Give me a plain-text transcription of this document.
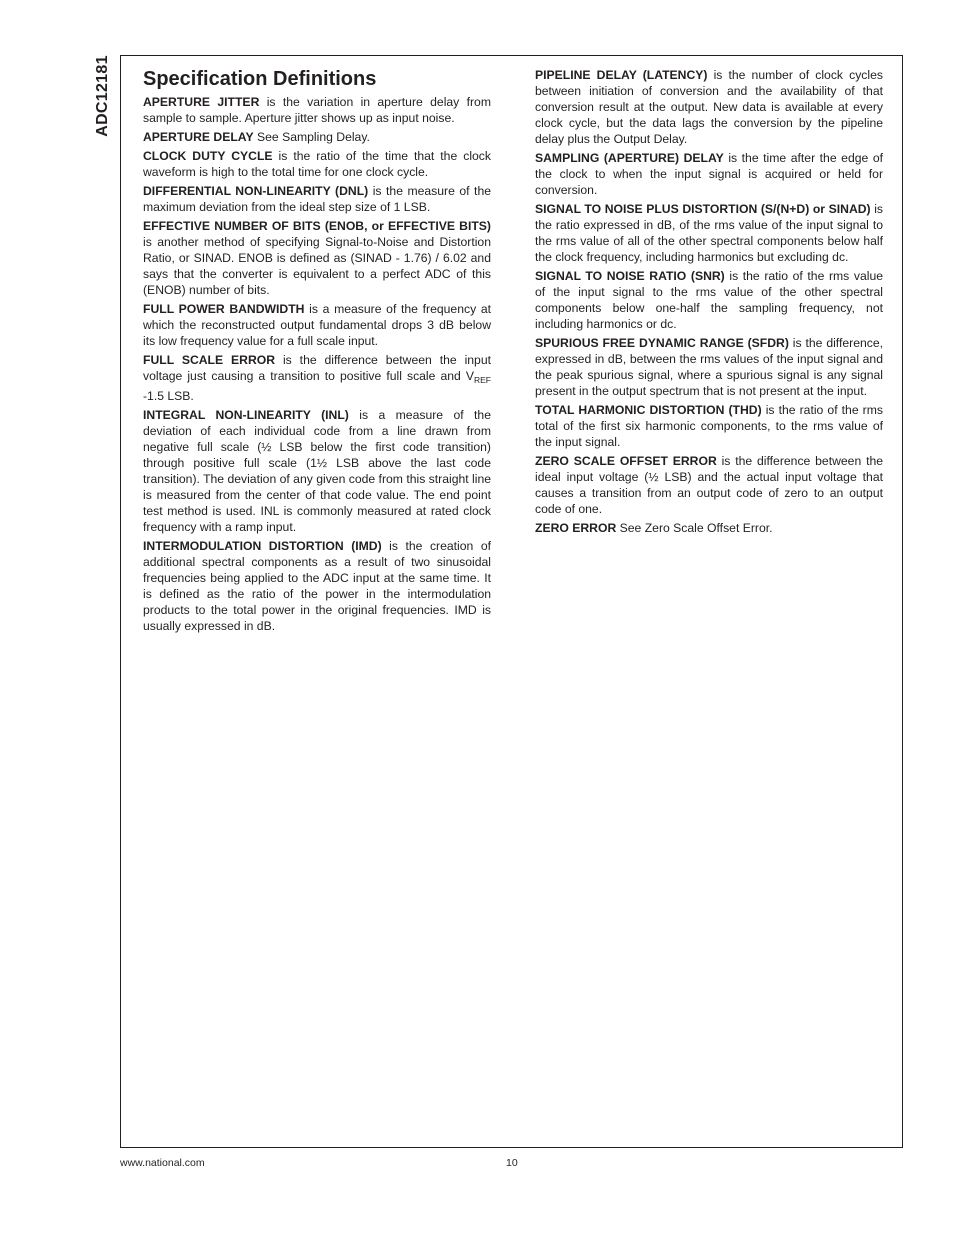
ADC12181 Specification Definitions

APERTURE JITTER is the variation in aperture delay from sample to sample. Aperture jitter shows up as input noise.

APERTURE DELAY See Sampling Delay.

CLOCK DUTY CYCLE is the ratio of the time that the clock waveform is high to the total time for one clock cycle.

DIFFERENTIAL NON-LINEARITY (DNL) is the measure of the maximum deviation from the ideal step size of 1 LSB.

EFFECTIVE NUMBER OF BITS (ENOB, or EFFECTIVE BITS) is another method of specifying Signal-to-Noise and Distortion Ratio, or SINAD. ENOB is defined as (SINAD - 1.76) / 6.02 and says that the converter is equivalent to a perfect ADC of this (ENOB) number of bits.

FULL POWER BANDWIDTH is a measure of the frequency at which the reconstructed output fundamental drops 3 dB below its low frequency value for a full scale input.

FULL SCALE ERROR is the difference between the input voltage just causing a transition to positive full scale and $V_{REF}$ -1.5 LSB.

INTEGRAL NON-LINEARITY (INL) is a measure of the deviation of each individual code from a line drawn from negative full scale (½ LSB below the first code transition) through positive full scale (1½ LSB above the last code transition). The deviation of any given code from this straight line is measured from the center of that code value. The end point test method is used. INL is commonly measured at rated clock frequency with a ramp input.

INTERMODULATION DISTORTION (IMD) is the creation of additional spectral components as a result of two sinusoidal frequencies being applied to the ADC input at the same time. It is defined as the ratio of the power in the intermodulation products to the total power in the original frequencies. IMD is usually expressed in dB.

PIPELINE DELAY (LATENCY) is the number of clock cycles between initiation of conversion and the availability of that conversion result at the output. New data is available at every clock cycle, but the data lags the conversion by the pipeline delay plus the Output Delay.

SAMPLING (APERTURE) DELAY is the time after the edge of the clock to when the input signal is acquired or held for conversion.

SIGNAL TO NOISE PLUS DISTORTION (S/(N+D) or SINAD) is the ratio expressed in dB, of the rms value of the input signal to the rms value of all of the other spectral components below half the clock frequency, including harmonics but excluding dc.

SIGNAL TO NOISE RATIO (SNR) is the ratio of the rms value of the input signal to the rms value of the other spectral components below one-half the sampling frequency, not including harmonics or dc.

SPURIOUS FREE DYNAMIC RANGE (SFDR) is the difference, expressed in dB, between the rms values of the input signal and the peak spurious signal, where a spurious signal is any signal present in the output spectrum that is not present at the input.

TOTAL HARMONIC DISTORTION (THD) is the ratio of the rms total of the first six harmonic components, to the rms value of the input signal.

ZERO SCALE OFFSET ERROR is the difference between the ideal input voltage (½ LSB) and the actual input voltage that causes a transition from an output code of zero to an output code of one.

ZERO ERROR See Zero Scale Offset Error.

www.national.com	10
